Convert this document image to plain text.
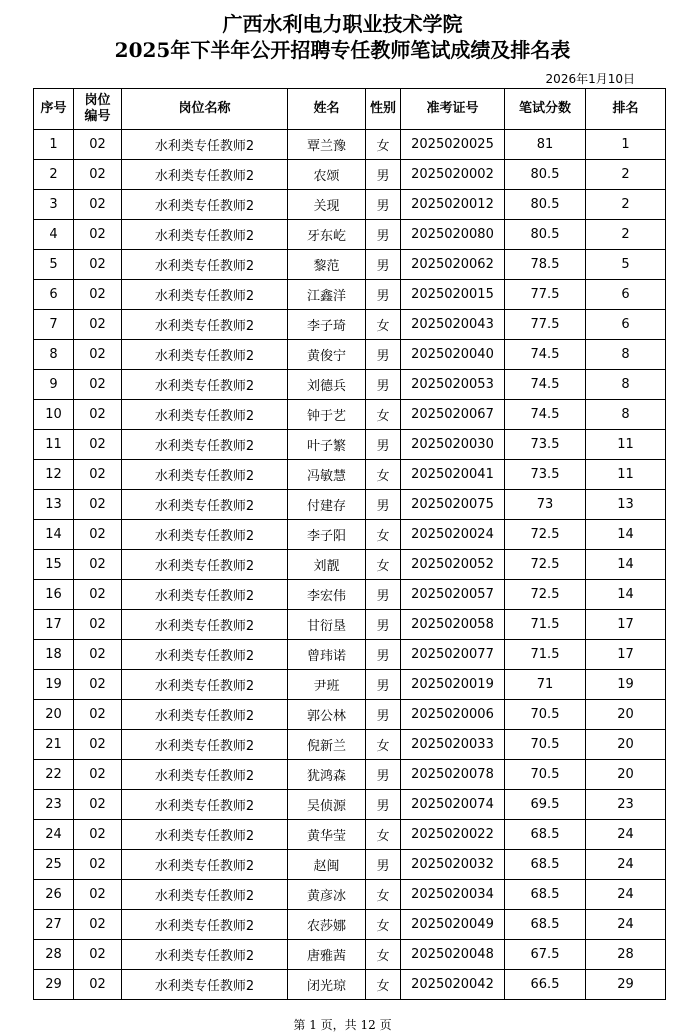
广西水利电力职业技术学院
2025年下半年公开招聘专任教师笔试成绩及排名表
2026年1月10日
序号	岗位编号	岗位名称	姓名	性别	准考证号	笔试分数	排名
1	02	水利类专任教师2	覃兰豫	女	2025020025	81	1
2	02	水利类专任教师2	农颂	男	2025020002	80.5	2
3	02	水利类专任教师2	关现	男	2025020012	80.5	2
4	02	水利类专任教师2	牙东屹	男	2025020080	80.5	2
5	02	水利类专任教师2	黎范	男	2025020062	78.5	5
6	02	水利类专任教师2	江鑫洋	男	2025020015	77.5	6
7	02	水利类专任教师2	李子琦	女	2025020043	77.5	6
8	02	水利类专任教师2	黄俊宁	男	2025020040	74.5	8
9	02	水利类专任教师2	刘德兵	男	2025020053	74.5	8
10	02	水利类专任教师2	钟于艺	女	2025020067	74.5	8
11	02	水利类专任教师2	叶子繁	男	2025020030	73.5	11
12	02	水利类专任教师2	冯敏慧	女	2025020041	73.5	11
13	02	水利类专任教师2	付建存	男	2025020075	73	13
14	02	水利类专任教师2	李子阳	女	2025020024	72.5	14
15	02	水利类专任教师2	刘靓	女	2025020052	72.5	14
16	02	水利类专任教师2	李宏伟	男	2025020057	72.5	14
17	02	水利类专任教师2	甘衍垦	男	2025020058	71.5	17
18	02	水利类专任教师2	曾玮诺	男	2025020077	71.5	17
19	02	水利类专任教师2	尹班	男	2025020019	71	19
20	02	水利类专任教师2	郭公林	男	2025020006	70.5	20
21	02	水利类专任教师2	倪新兰	女	2025020033	70.5	20
22	02	水利类专任教师2	犹鸿森	男	2025020078	70.5	20
23	02	水利类专任教师2	吴侦源	男	2025020074	69.5	23
24	02	水利类专任教师2	黄华莹	女	2025020022	68.5	24
25	02	水利类专任教师2	赵闽	男	2025020032	68.5	24
26	02	水利类专任教师2	黄彦冰	女	2025020034	68.5	24
27	02	水利类专任教师2	农莎娜	女	2025020049	68.5	24
28	02	水利类专任教师2	唐雅茜	女	2025020048	67.5	28
29	02	水利类专任教师2	闭光琼	女	2025020042	66.5	29
第 1 页，共 12 页
